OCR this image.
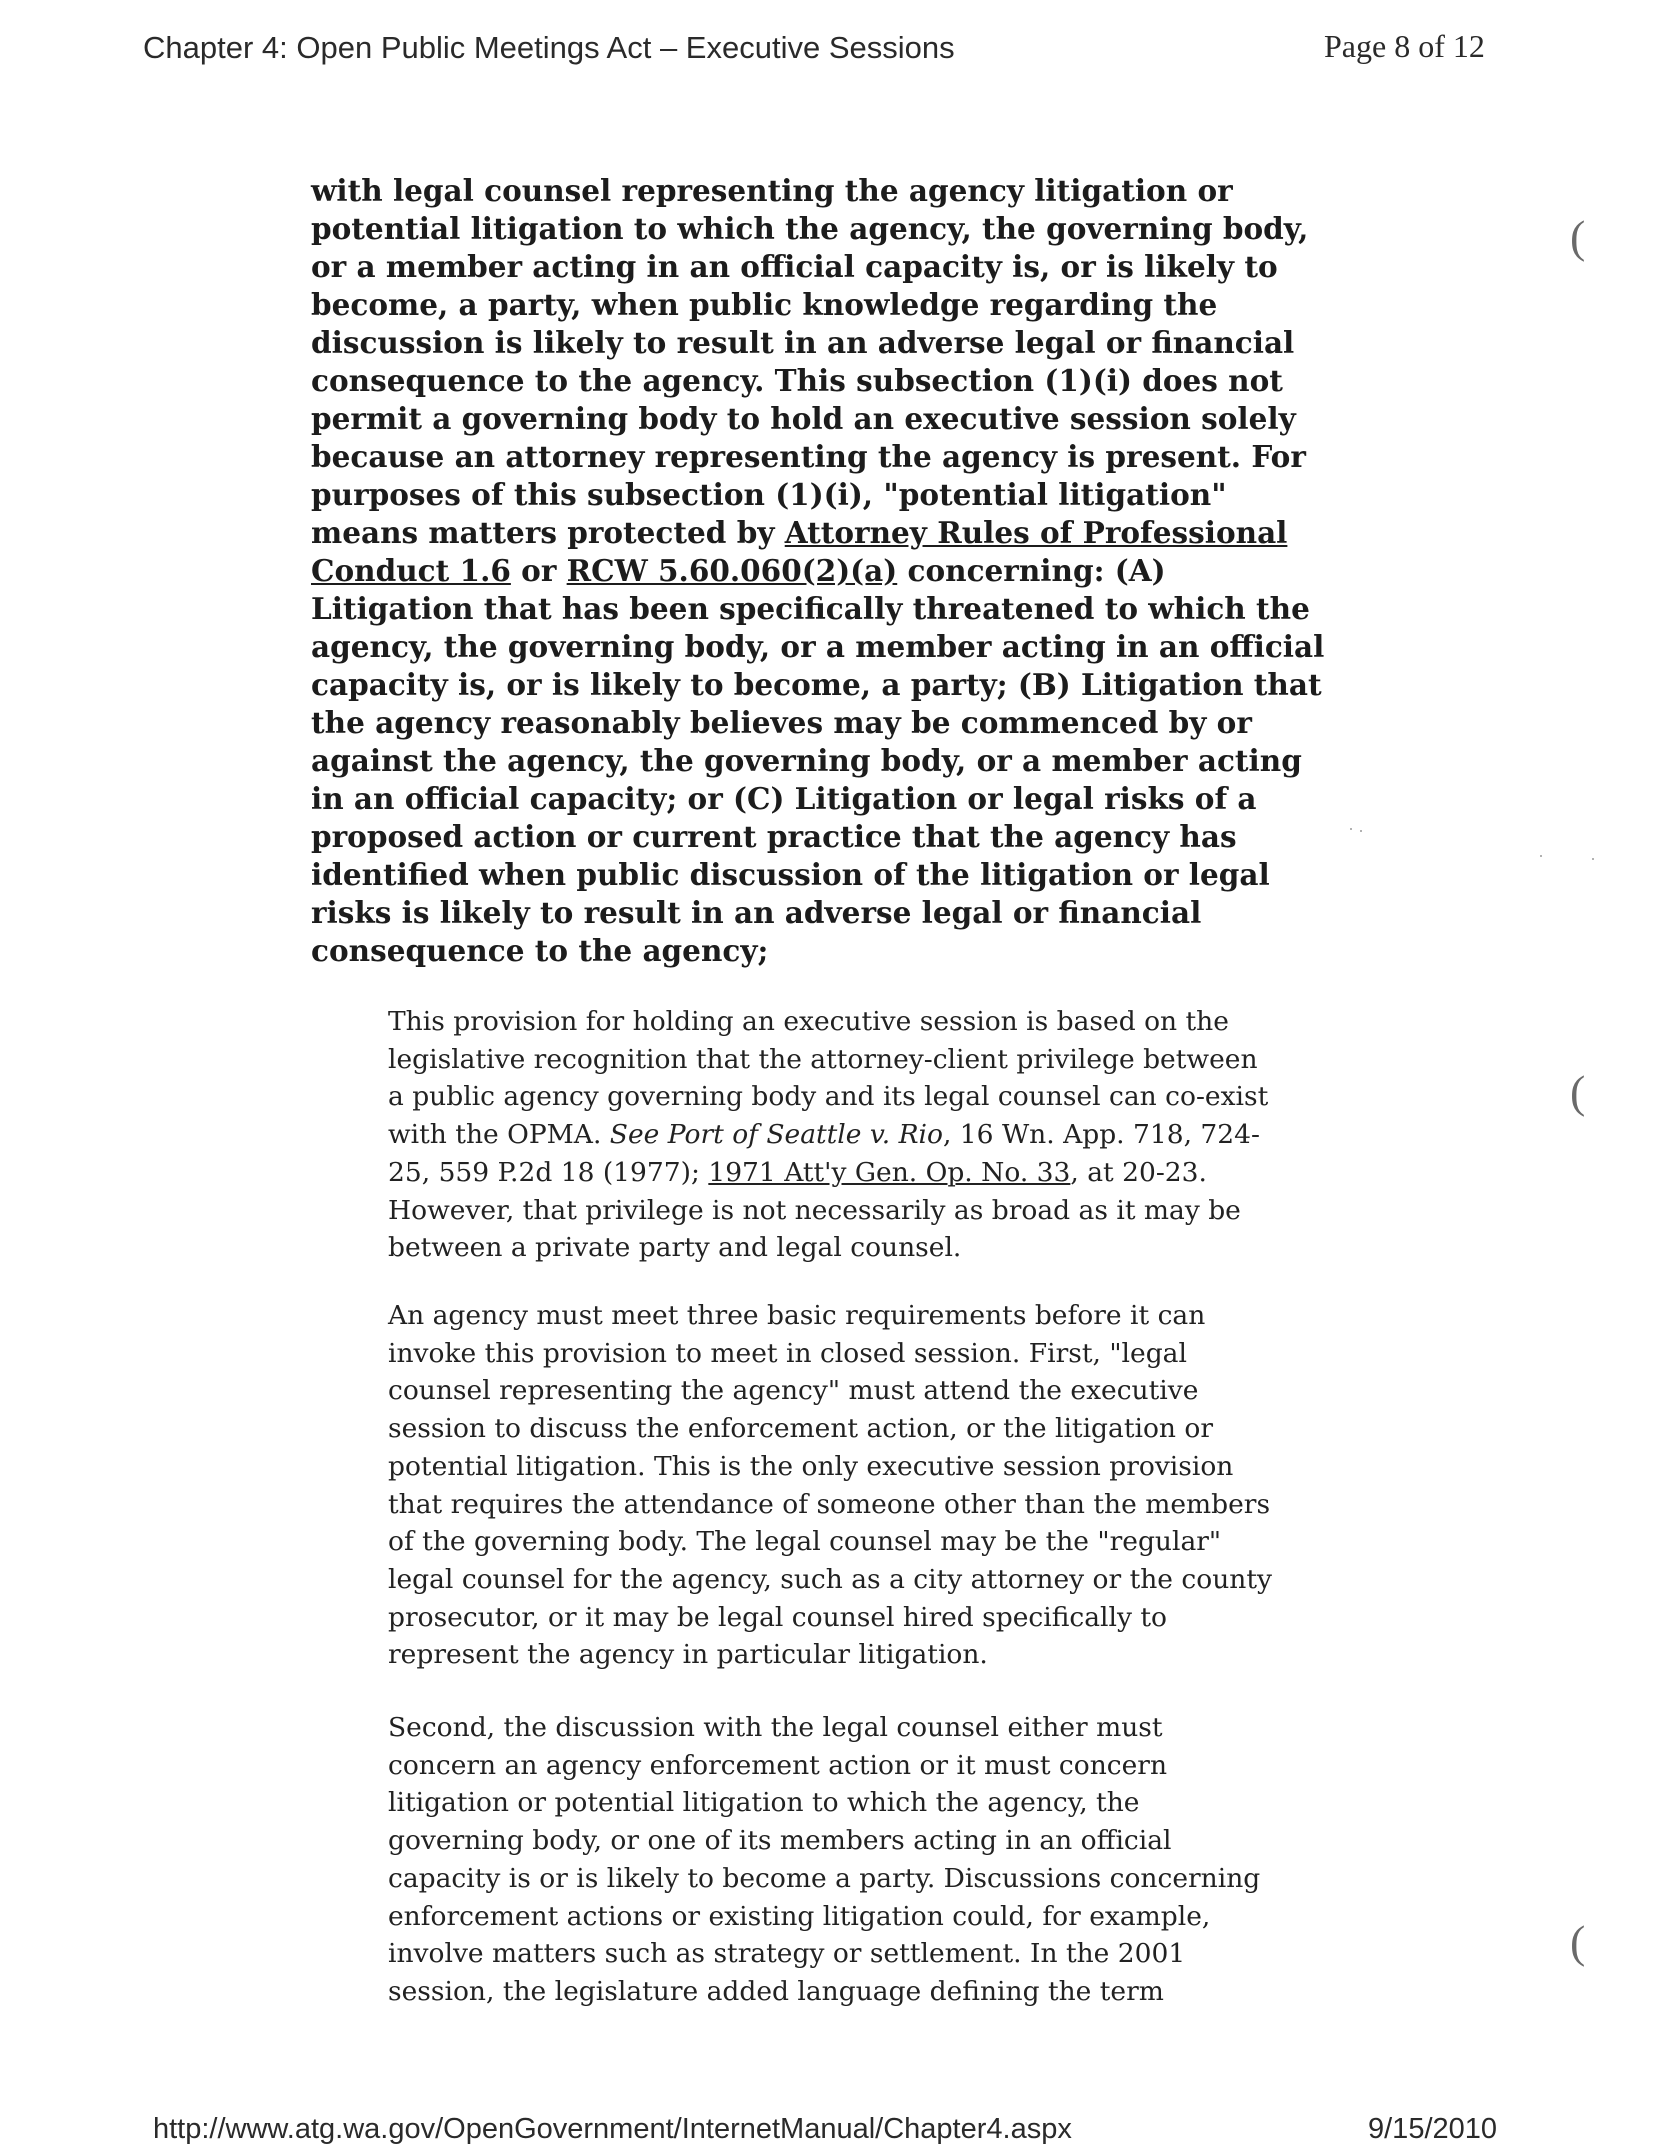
Chapter 4: Open Public Meetings Act – Executive Sessions	Page 8 of 12
with legal counsel representing the agency litigation or
potential litigation to which the agency, the governing body,
or a member acting in an official capacity is, or is likely to
become, a party, when public knowledge regarding the
discussion is likely to result in an adverse legal or financial
consequence to the agency. This subsection (1)(i) does not
permit a governing body to hold an executive session solely
because an attorney representing the agency is present. For
purposes of this subsection (1)(i), "potential litigation"
means matters protected by Attorney Rules of Professional
Conduct 1.6 or RCW 5.60.060(2)(a) concerning: (A)
Litigation that has been specifically threatened to which the
agency, the governing body, or a member acting in an official
capacity is, or is likely to become, a party; (B) Litigation that
the agency reasonably believes may be commenced by or
against the agency, the governing body, or a member acting
in an official capacity; or (C) Litigation or legal risks of a
proposed action or current practice that the agency has
identified when public discussion of the litigation or legal
risks is likely to result in an adverse legal or financial
consequence to the agency;
This provision for holding an executive session is based on the
legislative recognition that the attorney-client privilege between
a public agency governing body and its legal counsel can co-exist
with the OPMA. See Port of Seattle v. Rio, 16 Wn. App. 718, 724-
25, 559 P.2d 18 (1977); 1971 Att'y Gen. Op. No. 33, at 20-23.
However, that privilege is not necessarily as broad as it may be
between a private party and legal counsel.
An agency must meet three basic requirements before it can
invoke this provision to meet in closed session. First, "legal
counsel representing the agency" must attend the executive
session to discuss the enforcement action, or the litigation or
potential litigation. This is the only executive session provision
that requires the attendance of someone other than the members
of the governing body. The legal counsel may be the "regular"
legal counsel for the agency, such as a city attorney or the county
prosecutor, or it may be legal counsel hired specifically to
represent the agency in particular litigation.
Second, the discussion with the legal counsel either must
concern an agency enforcement action or it must concern
litigation or potential litigation to which the agency, the
governing body, or one of its members acting in an official
capacity is or is likely to become a party. Discussions concerning
enforcement actions or existing litigation could, for example,
involve matters such as strategy or settlement. In the 2001
session, the legislature added language defining the term
(
(
(
http://www.atg.wa.gov/OpenGovernment/InternetManual/Chapter4.aspx	9/15/2010
